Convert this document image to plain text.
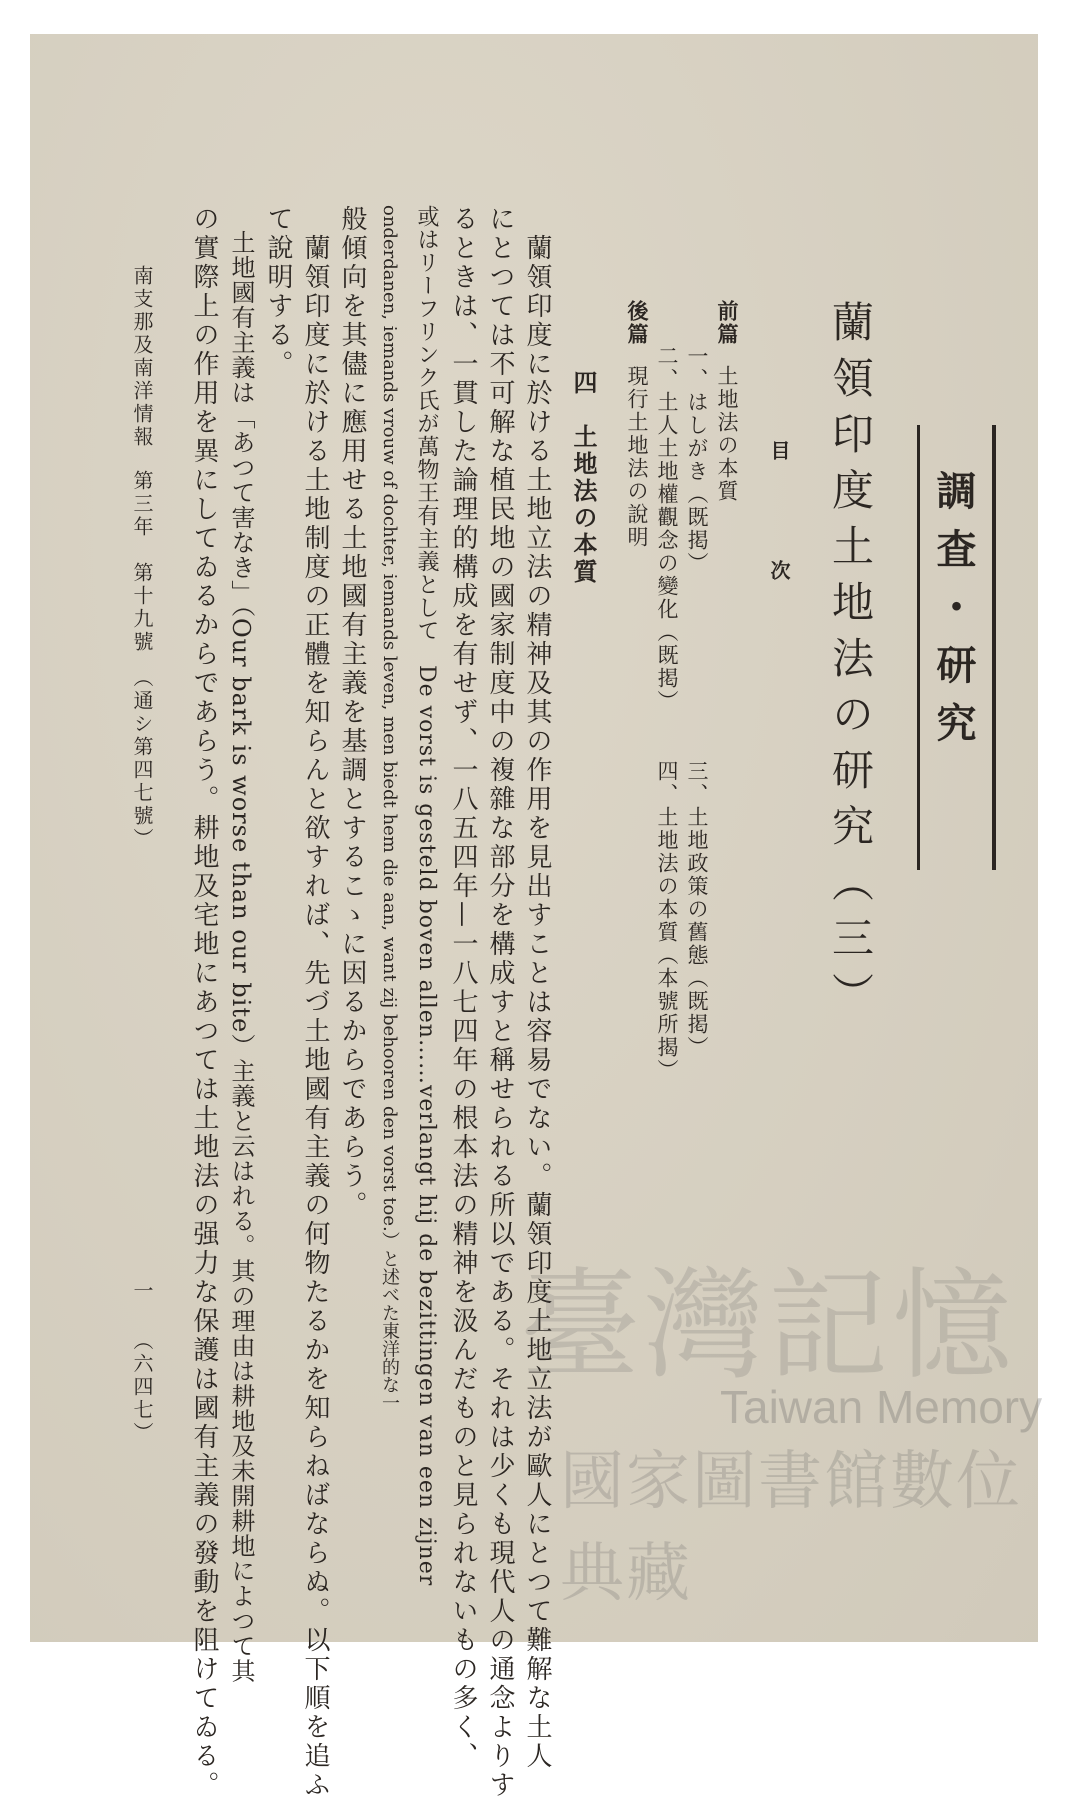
調査・研究
蘭領印度土地法の研究（三）
目　次
前篇
土地法の本質
一、はしがき（既掲）
二、土人土地權觀念の變化（既掲）
三、土地政策の舊態（既掲）
四、土地法の本質（本號所揭）
後篇
現行土地法の說明
四　土地法の本質
　蘭領印度に於ける土地立法の精神及其の作用を見出すことは容易でない。蘭領印度土地立法が歐人にとつて難解な土人
にとつては不可解な植民地の國家制度中の複雜な部分を構成すと稱せられる所以である。それは少くも現代人の通念よりす
るときは、一貫した論理的構成を有せず、一八五四年—一八七四年の根本法の精神を汲んだものと見られないもの多く、
或はリーフリンク氏が萬物王有主義として　De vorst is gesteld boven allen……verlangt hij de bezittingen van een zijner
onderdanen, iemands vrouw of dochter, iemands leven, men biedt hem die aan, want zij behooren den vorst toe.）と述べた東洋的な一
般傾向を其儘に應用せる土地國有主義を基調とするこゝに因るからであらう。
　蘭領印度に於ける土地制度の正體を知らんと欲すれば、先づ土地國有主義の何物たるかを知らねばならぬ。以下順を追ふ
て說明する。
　土地國有主義は「あつて害なき」（Our bark is worse than our bite）主義と云はれる。其の理由は耕地及未開耕地によつて其
の實際上の作用を異にしてゐるからであらう。耕地及宅地にあつては土地法の强力な保護は國有主義の發動を阻けてゐる。
南支那及南洋情報
第三年　第十九號　（通シ第四七號）
一
（六四七）	臺灣記憶
Taiwan Memory
國家圖書館數位典藏
